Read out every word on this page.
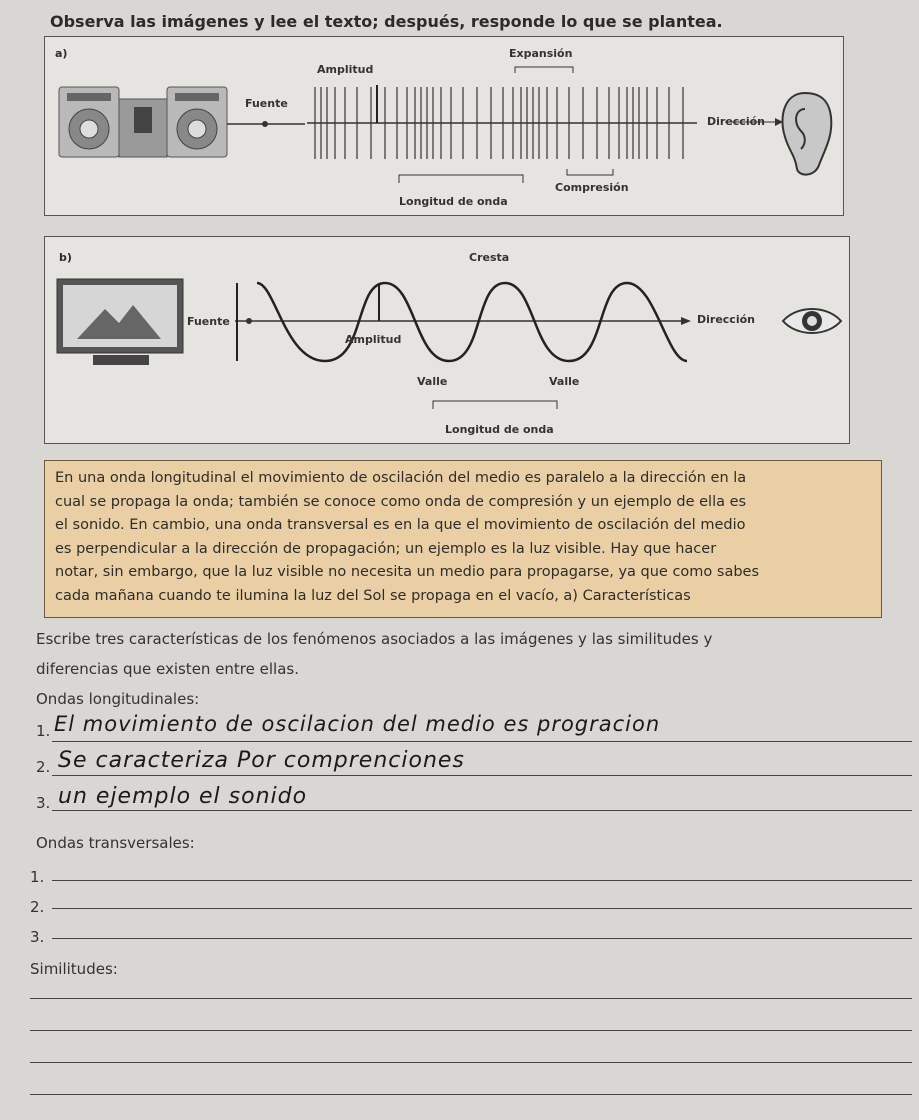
Observa las imágenes y lee el texto; después, responde lo que se plantea.
a)
Fuente
Amplitud
Expansión
Dirección
Longitud de onda
Compresión
b)
Fuente
Cresta
Amplitud
Dirección
Valle	Valle
Longitud de onda
En una onda longitudinal el movimiento de oscilación del medio es paralelo a la dirección en la
cual se propaga la onda; también se conoce como onda de compresión y un ejemplo de ella es
el sonido. En cambio, una onda transversal es en la que el movimiento de oscilación del medio
es perpendicular a la dirección de propagación; un ejemplo es la luz visible. Hay que hacer
notar, sin embargo, que la luz visible no necesita un medio para propagarse, ya que como sabes
cada mañana cuando te ilumina la luz del Sol se propaga en el vacío, a) Características
Escribe tres características de los fenómenos asociados a las imágenes y las similitudes y
diferencias que existen entre ellas.
Ondas longitudinales:
1. El movimiento de oscilacion del medio es progracion
2. Se caracteriza Por comprenciones
3. un ejemplo el sonido
Ondas transversales:
1.
2.
3.
Similitudes:
